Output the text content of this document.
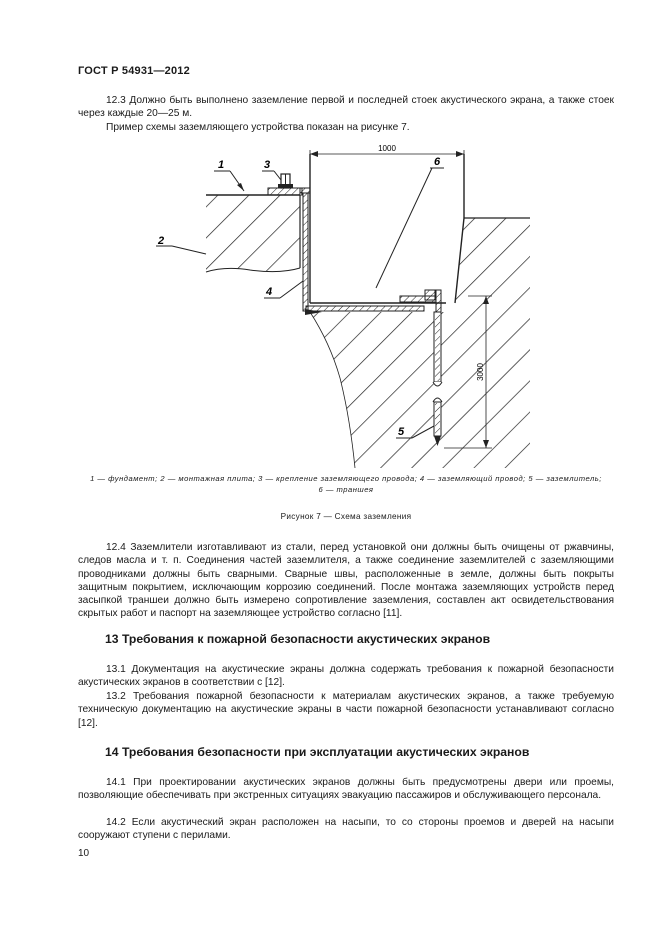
ГОСТ Р 54931—2012

12.3 Должно быть выполнено заземление первой и последней стоек акустического экрана, а также стоек через каждые 20—25 м.

Пример схемы заземляющего устройства показан на рисунке 7.

1000
3000
1
2
3
4
5
6
1 — фундамент; 2 — монтажная плита; 3 — крепление заземляющего провода; 4 — заземляющий провод; 5 — заземлитель;
6 — траншея
Рисунок 7 — Схема заземления

12.4 Заземлители изготавливают из стали, перед установкой они должны быть очищены от ржавчины, следов масла и т. п. Соединения частей заземлителя, а также соединение заземлителей с заземляющими проводниками должны быть сварными. Сварные швы, расположенные в земле, должны быть покрыты защитным покрытием, исключающим коррозию соединений. После монтажа заземляющих устройств перед засыпкой траншеи должно быть измерено сопротивление заземления, составлен акт освидетельствования скрытых работ и паспорт на заземляющее устройство согласно [11].

13 Требования к пожарной безопасности акустических экранов

13.1 Документация на акустические экраны должна содержать требования к пожарной безопасности акустических экранов в соответствии с [12].

13.2 Требования пожарной безопасности к материалам акустических экранов, а также требуемую техническую документацию на акустические экраны в части пожарной безопасности устанавливают согласно [12].

14 Требования безопасности при эксплуатации акустических экранов

14.1 При проектировании акустических экранов должны быть предусмотрены двери или проемы, позволяющие обеспечивать при экстренных ситуациях эвакуацию пассажиров и обслуживающего персонала.

14.2 Если акустический экран расположен на насыпи, то со стороны проемов и дверей на насыпи сооружают ступени с перилами.

10
